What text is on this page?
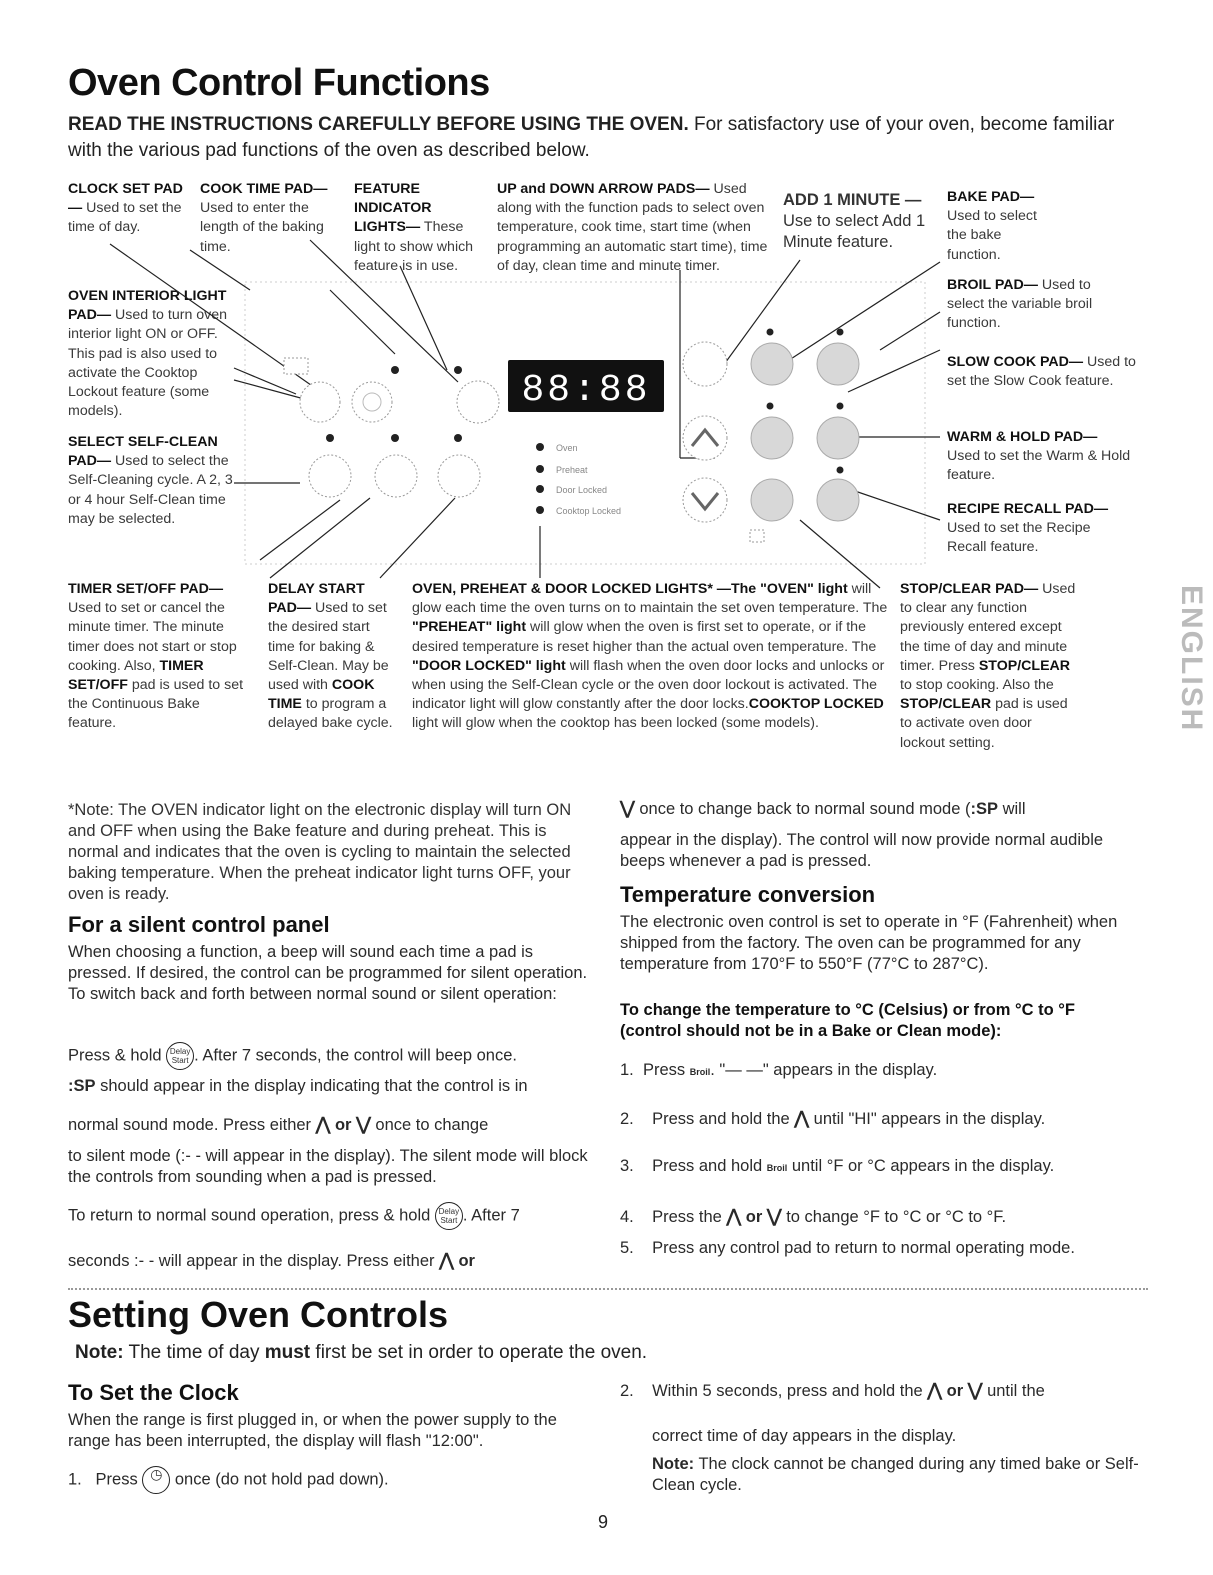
Oven Control Functions
READ THE INSTRUCTIONS CAREFULLY BEFORE USING THE OVEN. For satisfactory use of your oven, become familiar with the various pad functions of the oven as described below.
CLOCK SET PAD— Used to set the time of day.
COOK TIME PAD— Used to enter the length of the baking time.
FEATURE INDICATOR LIGHTS— These light to show which feature is in use.
UP and DOWN ARROW PADS— Used along with the function pads to select oven temperature, cook time, start time (when programming an automatic start time), time of day, clean time and minute timer.
ADD 1 MINUTE — Use to select Add 1 Minute feature.
BAKE PAD— Used to select the bake function.
OVEN INTERIOR LIGHT PAD— Used to turn oven interior light ON or OFF. This pad is also used to activate the Cooktop Lockout feature (some models).
SELECT SELF-CLEAN PAD— Used to select the Self-Cleaning cycle. A 2, 3 or 4 hour Self-Clean time may be selected.
BROIL PAD— Used to select the variable broil function.
SLOW COOK PAD— Used to set the Slow Cook feature.
WARM & HOLD PAD— Used to set the Warm & Hold feature.
RECIPE RECALL PAD— Used to set the Recipe Recall feature.
88:88
Oven
Preheat
Door Locked
Cooktop Locked
ENGLISH
TIMER SET/OFF PAD— Used to set or cancel the minute timer. The minute timer does not start or stop cooking. Also, TIMER SET/OFF pad is used to set the Continuous Bake feature.
DELAY START PAD— Used to set the desired start time for baking & Self-Clean. May be used with COOK TIME to program a delayed bake cycle.
OVEN, PREHEAT & DOOR LOCKED LIGHTS* —The "OVEN" light will glow each time the oven turns on to maintain the set oven temperature. The "PREHEAT" light will glow when the oven is first set to operate, or if the desired temperature is reset higher than the actual oven temperature. The "DOOR LOCKED" light will flash when the oven door locks and unlocks or when using the Self-Clean cycle or the oven door lockout is activated. The indicator light will glow constantly after the door locks.COOKTOP LOCKED light will glow when the cooktop has been locked (some models).
STOP/CLEAR PAD— Used to clear any function previously entered except the time of day and minute timer. Press STOP/CLEAR to stop cooking. Also the STOP/CLEAR pad is used to activate oven door lockout setting.
*Note: The OVEN indicator light on the electronic display will turn ON and OFF when using the Bake feature and during preheat. This is normal and indicates that the oven is cycling to maintain the selected baking temperature. When the preheat indicator light turns OFF, your oven is ready.
For a silent control panel
When choosing a function, a beep will sound each time a pad is pressed. If desired, the control can be programmed for silent operation. To switch back and forth between normal sound or silent operation:
Press & hold Delay Start . After 7 seconds, the control will beep once.
:SP should appear in the display indicating that the control is in
normal sound mode. Press either ⋀ or ⋁ once to change
to silent mode (:- - will appear in the display). The silent mode will block the controls from sounding when a pad is pressed.
To return to normal sound operation, press & hold Delay Start . After 7
seconds :- - will appear in the display. Press either ⋀ or
⋁ once to change back to normal sound mode (:SP will
appear in the display). The control will now provide normal audible beeps whenever a pad is pressed.
Temperature conversion
The electronic oven control is set to operate in °F (Fahrenheit) when shipped from the factory. The oven can be programmed for any temperature from 170°F to 550°F (77°C to 287°C).
To change the temperature to °C (Celsius) or from °C to °F (control should not be in a Bake or Clean mode):
1. Press Broil. "— —" appears in the display.
2. Press and hold the ⋀ until "HI" appears in the display.
3. Press and hold Broil until °F or °C appears in the display.
4. Press the ⋀ or ⋁ to change °F to °C or °C to °F.
5. Press any control pad to return to normal operating mode.
Setting Oven Controls
Note: The time of day must first be set in order to operate the oven.
To Set the Clock
When the range is first plugged in, or when the power supply to the range has been interrupted, the display will flash "12:00".
1. Press ◷ once (do not hold pad down).
2. Within 5 seconds, press and hold the ⋀ or ⋁ until the
correct time of day appears in the display.
Note: The clock cannot be changed during any timed bake or Self-Clean cycle.
9
